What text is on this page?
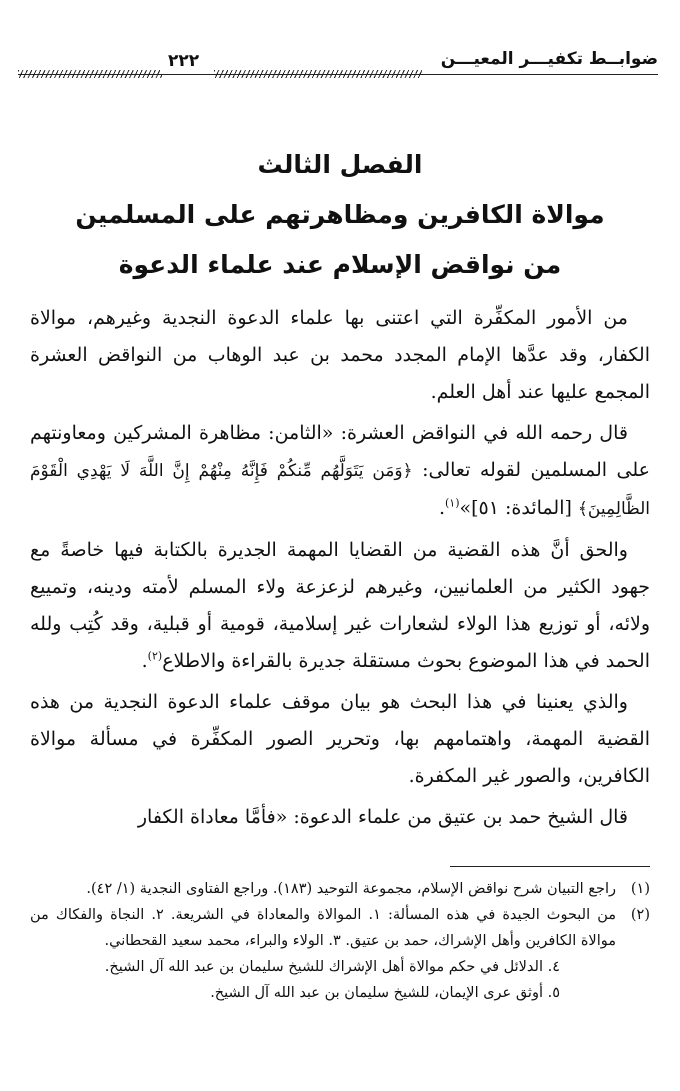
ضوابــط تكفيـــر المعيـــن
٢٢٢
الفصل الثالث
موالاة الكافرين ومظاهرتهم على المسلمين
من نواقض الإسلام عند علماء الدعوة

من الأمور المكفِّرة التي اعتنى بها علماء الدعوة النجدية وغيرهم، موالاة الكفار، وقد عدَّها الإمام المجدد محمد بن عبد الوهاب من النواقض العشرة المجمع عليها عند أهل العلم.

قال رحمه الله في النواقض العشرة: «الثامن: مظاهرة المشركين ومعاونتهم على المسلمين لقوله تعالى: ﴿وَمَن يَتَوَلَّهُم مِّنكُمْ فَإِنَّهُ مِنْهُمْ إِنَّ اللَّهَ لَا يَهْدِي الْقَوْمَ الظَّالِمِينَ﴾ [المائدة: ٥١]»$^{(١)}$.

والحق أنَّ هذه القضية من القضايا المهمة الجديرة بالكتابة فيها خاصةً مع جهود الكثير من العلمانيين، وغيرهم لزعزعة ولاء المسلم لأمته ودينه، وتمييع ولائه، أو توزيع هذا الولاء لشعارات غير إسلامية، قومية أو قبلية، وقد كُتِب ولله الحمد في هذا الموضوع بحوث مستقلة جديرة بالقراءة والاطلاع$^{(٢)}$.

والذي يعنينا في هذا البحث هو بيان موقف علماء الدعوة النجدية من هذه القضية المهمة، واهتمامهم بها، وتحرير الصور المكفِّرة في مسألة موالاة الكافرين، والصور غير المكفرة.

قال الشيخ حمد بن عتيق من علماء الدعوة: «فأمَّا معاداة الكفار

(١)
راجع التبيان شرح نواقض الإسلام، مجموعة التوحيد (١٨٣). وراجع الفتاوى النجدية (١/ ٤٢).
(٢)
من البحوث الجيدة في هذه المسألة: ١. الموالاة والمعاداة في الشريعة. ٢. النجاة والفكاك من موالاة الكافرين وأهل الإشراك، حمد بن عتيق. ٣. الولاء والبراء، محمد سعيد القحطاني.

٤. الدلائل في حكم موالاة أهل الإشراك للشيخ سليمان بن عبد الله آل الشيخ.

٥. أوثق عرى الإيمان، للشيخ سليمان بن عبد الله آل الشيخ.
